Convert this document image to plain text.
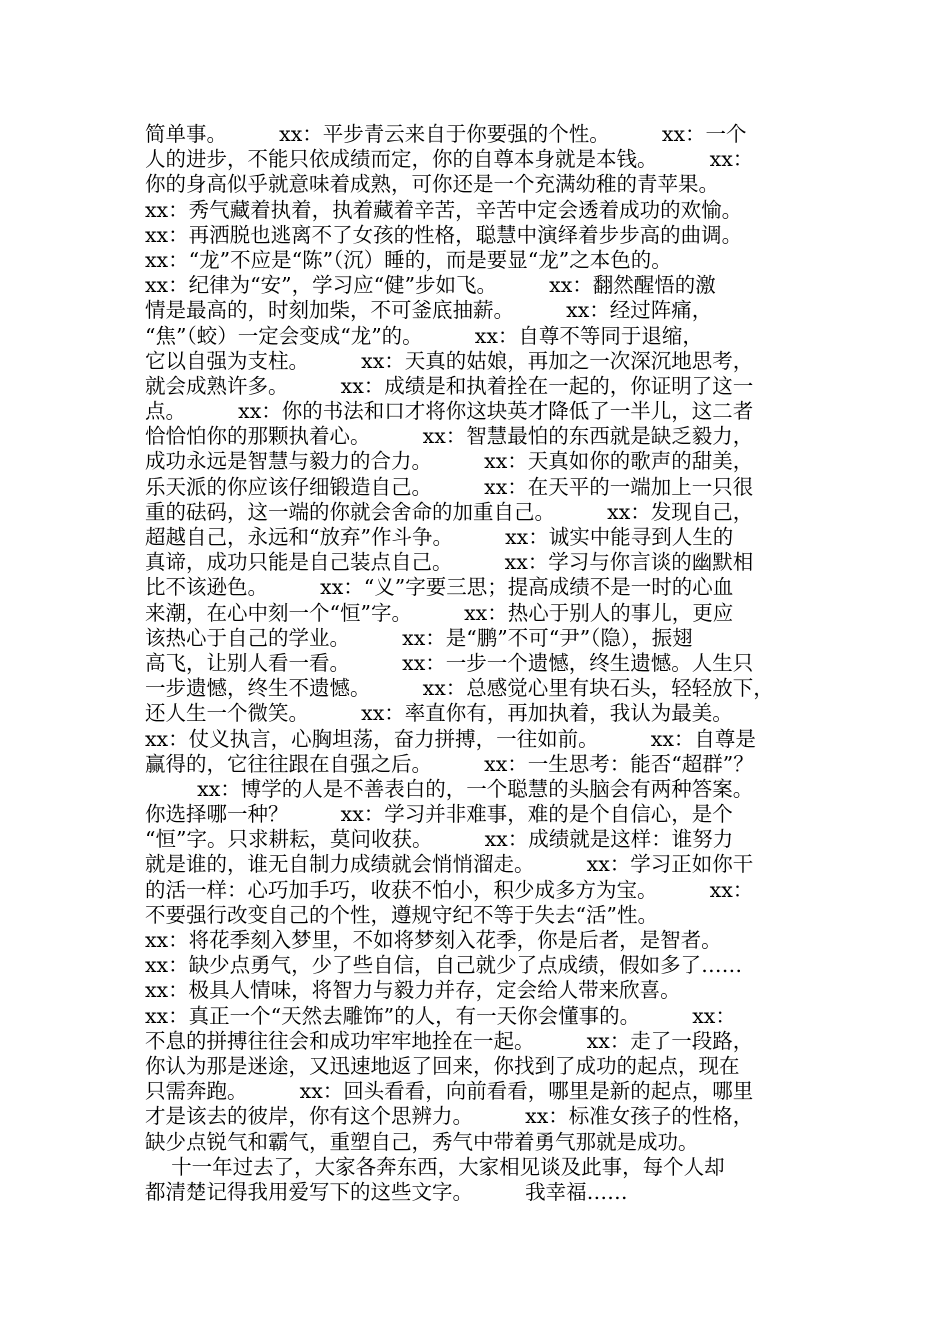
简单事。        xx：平步青云来自于你要强的个性。        xx：一个
人的进步，不能只依成绩而定，你的自尊本身就是本钱。        xx：
你的身高似乎就意味着成熟，可你还是一个充满幼稚的青苹果。
xx：秀气藏着执着，执着藏着辛苦，辛苦中定会透着成功的欢愉。
xx：再洒脱也逃离不了女孩的性格，聪慧中演绎着步步高的曲调。
xx：“龙”不应是“陈”（沉）睡的，而是要显“龙”之本色的。
xx：纪律为“安”，学习应“健”步如飞。        xx：翻然醒悟的激
情是最高的，时刻加柴，不可釜底抽薪。        xx：经过阵痛，
“焦”（蛟）一定会变成“龙”的。        xx：自尊不等同于退缩，
它以自强为支柱。        xx：天真的姑娘，再加之一次深沉地思考，
就会成熟许多。        xx：成绩是和执着拴在一起的，你证明了这一
点。        xx：你的书法和口才将你这块英才降低了一半儿，这二者
恰恰怕你的那颗执着心。        xx：智慧最怕的东西就是缺乏毅力，
成功永远是智慧与毅力的合力。        xx：天真如你的歌声的甜美，
乐天派的你应该仔细锻造自己。        xx：在天平的一端加上一只很
重的砝码，这一端的你就会舍命的加重自己。        xx：发现自己，
超越自己，永远和“放弃”作斗争。        xx：诚实中能寻到人生的
真谛，成功只能是自己装点自己。        xx：学习与你言谈的幽默相
比不该逊色。        xx：“义”字要三思；提高成绩不是一时的心血
来潮，在心中刻一个“恒”字。        xx：热心于别人的事儿，更应
该热心于自己的学业。        xx：是“鹏”不可“尹”（隐），振翅
高飞，让别人看一看。        xx：一步一个遗憾，终生遗憾。人生只
一步遗憾，终生不遗憾。        xx：总感觉心里有块石头，轻轻放下，
还人生一个微笑。        xx：率直你有，再加执着，我认为最美。
xx：仗义执言，心胸坦荡，奋力拼搏，一往如前。        xx：自尊是
赢得的，它往往跟在自强之后。        xx：一生思考：能否“超群”？
xx：博学的人是不善表白的，一个聪慧的头脑会有两种答案。
你选择哪一种？        xx：学习并非难事，难的是个自信心，是个
“恒”字。只求耕耘，莫问收获。        xx：成绩就是这样：谁努力
就是谁的，谁无自制力成绩就会悄悄溜走。        xx：学习正如你干
的活一样：心巧加手巧，收获不怕小，积少成多方为宝。        xx：
不要强行改变自己的个性，遵规守纪不等于失去“活”性。
xx：将花季刻入梦里，不如将梦刻入花季，你是后者，是智者。
xx：缺少点勇气，少了些自信，自己就少了点成绩，假如多了……
xx：极具人情味，将智力与毅力并存，定会给人带来欣喜。
xx：真正一个“天然去雕饰”的人，有一天你会懂事的。        xx：
不息的拼搏往往会和成功牢牢地拴在一起。        xx：走了一段路，
你认为那是迷途，又迅速地返了回来，你找到了成功的起点，现在
只需奔跑。        xx：回头看看，向前看看，哪里是新的起点，哪里
才是该去的彼岸，你有这个思辨力。        xx：标准女孩子的性格，
缺少点锐气和霸气，重塑自己，秀气中带着勇气那就是成功。
十一年过去了，大家各奔东西，大家相见谈及此事，每个人却
都清楚记得我用爱写下的这些文字。        我幸福……
